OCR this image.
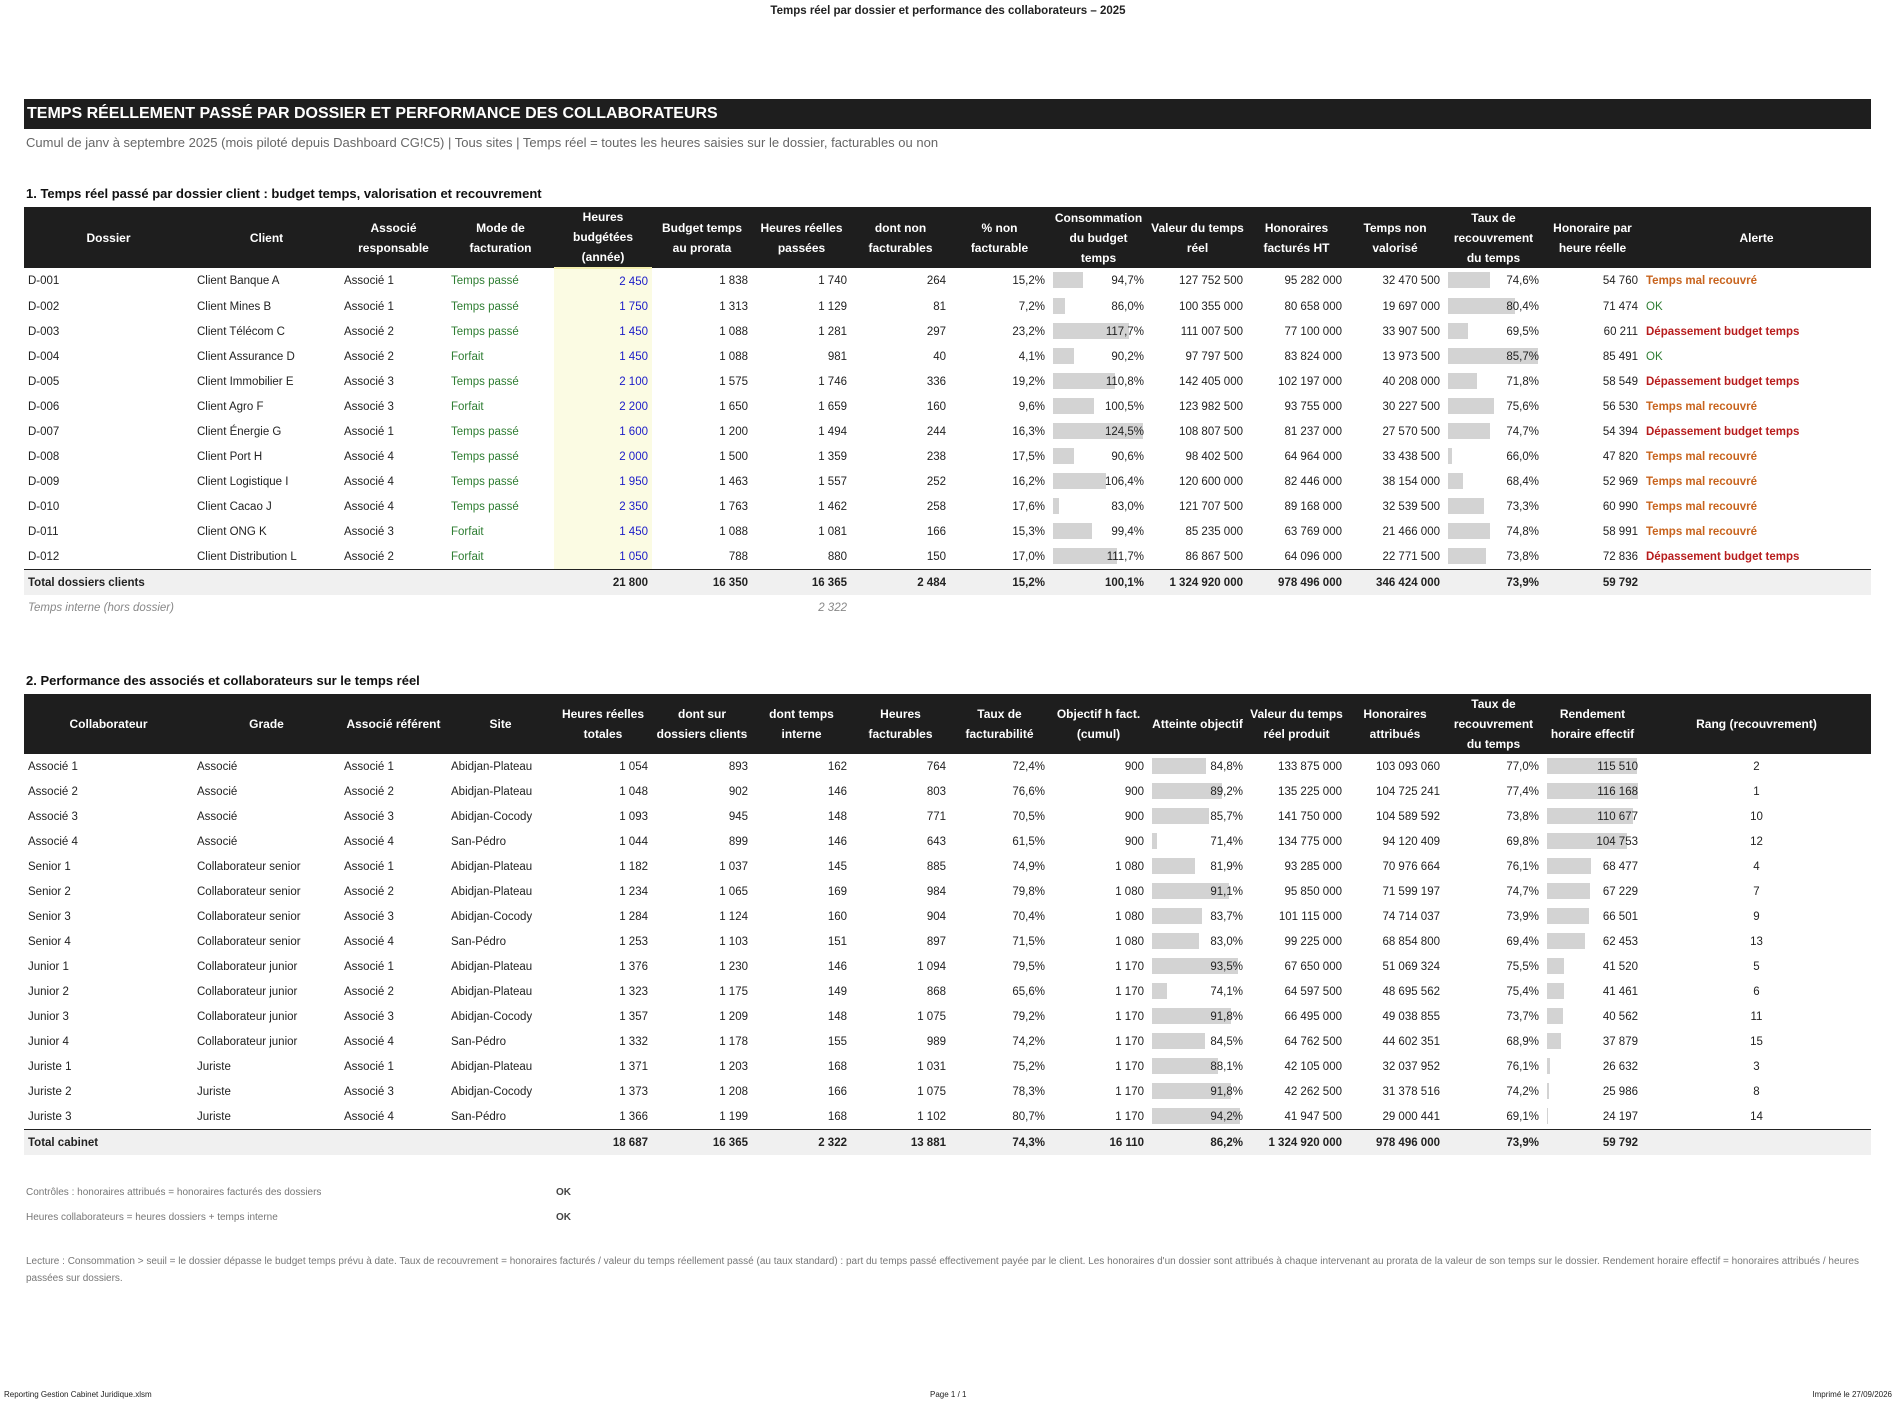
Temps réel par dossier et performance des collaborateurs – 2025
TEMPS RÉELLEMENT PASSÉ PAR DOSSIER ET PERFORMANCE DES COLLABORATEURS
Cumul de janv à septembre 2025 (mois piloté depuis Dashboard CG!C5) | Tous sites | Temps réel = toutes les heures saisies sur le dossier, facturables ou non
1. Temps réel passé par dossier client : budget temps, valorisation et recouvrement
Dossier	Client	Associé responsable	Mode de facturation	Heures budgétées (année)	Budget temps au prorata	Heures réelles passées	dont non facturables	% non facturable	Consommation du budget temps	Valeur du temps réel	Honoraires facturés HT	Temps non valorisé	Taux de recouvrement du temps	Honoraire par heure réelle	Alerte
D-001	Client Banque A	Associé 1	Temps passé	2 450	1 838	1 740	264	15,2%	94,7%	127 752 500	95 282 000	32 470 500	74,6%	54 760	Temps mal recouvré
D-002	Client Mines B	Associé 1	Temps passé	1 750	1 313	1 129	81	7,2%	86,0%	100 355 000	80 658 000	19 697 000	80,4%	71 474	OK
D-003	Client Télécom C	Associé 2	Temps passé	1 450	1 088	1 281	297	23,2%	117,7%	111 007 500	77 100 000	33 907 500	69,5%	60 211	Dépassement budget temps
D-004	Client Assurance D	Associé 2	Forfait	1 450	1 088	981	40	4,1%	90,2%	97 797 500	83 824 000	13 973 500	85,7%	85 491	OK
D-005	Client Immobilier E	Associé 3	Temps passé	2 100	1 575	1 746	336	19,2%	110,8%	142 405 000	102 197 000	40 208 000	71,8%	58 549	Dépassement budget temps
D-006	Client Agro F	Associé 3	Forfait	2 200	1 650	1 659	160	9,6%	100,5%	123 982 500	93 755 000	30 227 500	75,6%	56 530	Temps mal recouvré
D-007	Client Énergie G	Associé 1	Temps passé	1 600	1 200	1 494	244	16,3%	124,5%	108 807 500	81 237 000	27 570 500	74,7%	54 394	Dépassement budget temps
D-008	Client Port H	Associé 4	Temps passé	2 000	1 500	1 359	238	17,5%	90,6%	98 402 500	64 964 000	33 438 500	66,0%	47 820	Temps mal recouvré
D-009	Client Logistique I	Associé 4	Temps passé	1 950	1 463	1 557	252	16,2%	106,4%	120 600 000	82 446 000	38 154 000	68,4%	52 969	Temps mal recouvré
D-010	Client Cacao J	Associé 4	Temps passé	2 350	1 763	1 462	258	17,6%	83,0%	121 707 500	89 168 000	32 539 500	73,3%	60 990	Temps mal recouvré
D-011	Client ONG K	Associé 3	Forfait	1 450	1 088	1 081	166	15,3%	99,4%	85 235 000	63 769 000	21 466 000	74,8%	58 991	Temps mal recouvré
D-012	Client Distribution L	Associé 2	Forfait	1 050	788	880	150	17,0%	111,7%	86 867 500	64 096 000	22 771 500	73,8%	72 836	Dépassement budget temps
Total dossiers clients				21 800	16 350	16 365	2 484	15,2%	100,1%	1 324 920 000	978 496 000	346 424 000	73,9%	59 792	
Temps interne (hors dossier)						2 322									
2. Performance des associés et collaborateurs sur le temps réel
Collaborateur	Grade	Associé référent	Site	Heures réelles totales	dont sur dossiers clients	dont temps interne	Heures facturables	Taux de facturabilité	Objectif h fact. (cumul)	Atteinte objectif	Valeur du temps réel produit	Honoraires attribués	Taux de recouvrement du temps	Rendement horaire effectif	Rang (recouvrement)
Associé 1	Associé	Associé 1	Abidjan-Plateau	1 054	893	162	764	72,4%	900	84,8%	133 875 000	103 093 060	77,0%	115 510	2
Associé 2	Associé	Associé 2	Abidjan-Plateau	1 048	902	146	803	76,6%	900	89,2%	135 225 000	104 725 241	77,4%	116 168	1
Associé 3	Associé	Associé 3	Abidjan-Cocody	1 093	945	148	771	70,5%	900	85,7%	141 750 000	104 589 592	73,8%	110 677	10
Associé 4	Associé	Associé 4	San-Pédro	1 044	899	146	643	61,5%	900	71,4%	134 775 000	94 120 409	69,8%	104 753	12
Senior 1	Collaborateur senior	Associé 1	Abidjan-Plateau	1 182	1 037	145	885	74,9%	1 080	81,9%	93 285 000	70 976 664	76,1%	68 477	4
Senior 2	Collaborateur senior	Associé 2	Abidjan-Plateau	1 234	1 065	169	984	79,8%	1 080	91,1%	95 850 000	71 599 197	74,7%	67 229	7
Senior 3	Collaborateur senior	Associé 3	Abidjan-Cocody	1 284	1 124	160	904	70,4%	1 080	83,7%	101 115 000	74 714 037	73,9%	66 501	9
Senior 4	Collaborateur senior	Associé 4	San-Pédro	1 253	1 103	151	897	71,5%	1 080	83,0%	99 225 000	68 854 800	69,4%	62 453	13
Junior 1	Collaborateur junior	Associé 1	Abidjan-Plateau	1 376	1 230	146	1 094	79,5%	1 170	93,5%	67 650 000	51 069 324	75,5%	41 520	5
Junior 2	Collaborateur junior	Associé 2	Abidjan-Plateau	1 323	1 175	149	868	65,6%	1 170	74,1%	64 597 500	48 695 562	75,4%	41 461	6
Junior 3	Collaborateur junior	Associé 3	Abidjan-Cocody	1 357	1 209	148	1 075	79,2%	1 170	91,8%	66 495 000	49 038 855	73,7%	40 562	11
Junior 4	Collaborateur junior	Associé 4	San-Pédro	1 332	1 178	155	989	74,2%	1 170	84,5%	64 762 500	44 602 351	68,9%	37 879	15
Juriste 1	Juriste	Associé 1	Abidjan-Plateau	1 371	1 203	168	1 031	75,2%	1 170	88,1%	42 105 000	32 037 952	76,1%	26 632	3
Juriste 2	Juriste	Associé 3	Abidjan-Cocody	1 373	1 208	166	1 075	78,3%	1 170	91,8%	42 262 500	31 378 516	74,2%	25 986	8
Juriste 3	Juriste	Associé 4	San-Pédro	1 366	1 199	168	1 102	80,7%	1 170	94,2%	41 947 500	29 000 441	69,1%	24 197	14
Total cabinet				18 687	16 365	2 322	13 881	74,3%	16 110	86,2%	1 324 920 000	978 496 000	73,9%	59 792	
Contrôles : honoraires attribués = honoraires facturés des dossiers	OK
Heures collaborateurs = heures dossiers + temps interne	OK
Lecture : Consommation > seuil = le dossier dépasse le budget temps prévu à date. Taux de recouvrement = honoraires facturés / valeur du temps réellement passé (au taux standard) : part du temps passé effectivement payée par le client. Les honoraires d'un dossier sont attribués à chaque intervenant au prorata de la valeur de son temps sur le dossier. Rendement horaire effectif = honoraires attribués / heures passées sur dossiers.
Reporting Gestion Cabinet Juridique.xlsm	Page 1 / 1	Imprimé le 27/09/2026
